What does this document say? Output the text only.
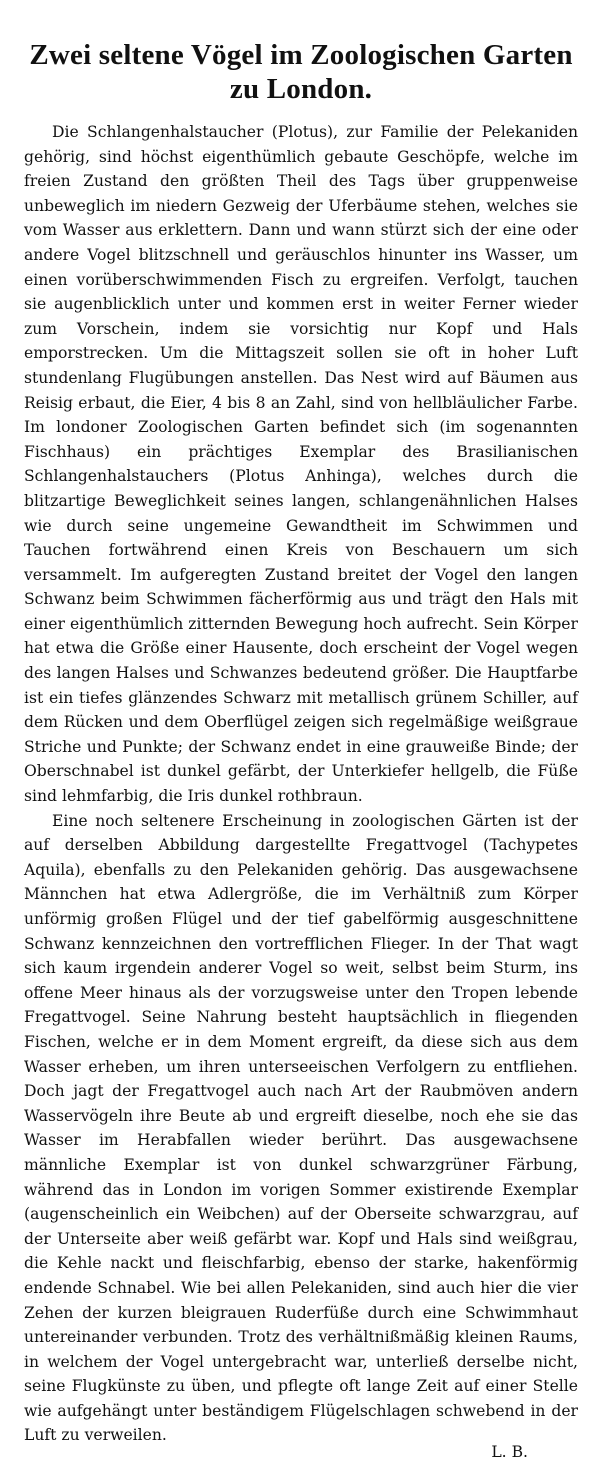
Zwei seltene Vögel im Zoologischen Garten zu London.

Die Schlangenhalstaucher (Plotus), zur Familie der Pelekaniden gehörig, sind höchst eigenthümlich gebaute Geschöpfe, welche im freien Zustand den größten Theil des Tags über gruppenweise unbeweglich im niedern Gezweig der Uferbäume stehen, welches sie vom Wasser aus erklettern. Dann und wann stürzt sich der eine oder andere Vogel blitzschnell und geräuschlos hinunter ins Wasser, um einen vorüberschwimmenden Fisch zu ergreifen. Verfolgt, tauchen sie augenblicklich unter und kommen erst in weiter Ferner wieder zum Vorschein, indem sie vorsichtig nur Kopf und Hals emporstrecken. Um die Mittagszeit sollen sie oft in hoher Luft stundenlang Flugübungen anstellen. Das Nest wird auf Bäumen aus Reisig erbaut, die Eier, 4 bis 8 an Zahl, sind von hellbläulicher Farbe. Im londoner Zoologischen Garten befindet sich (im sogenannten Fischhaus) ein prächtiges Exemplar des Brasilianischen Schlangenhalstauchers (Plotus Anhinga), welches durch die blitzartige Beweglichkeit seines langen, schlangenähnlichen Halses wie durch seine ungemeine Gewandtheit im Schwimmen und Tauchen fortwährend einen Kreis von Beschauern um sich versammelt. Im aufgeregten Zustand breitet der Vogel den langen Schwanz beim Schwimmen fächerförmig aus und trägt den Hals mit einer eigenthümlich zitternden Bewegung hoch aufrecht. Sein Körper hat etwa die Größe einer Hausente, doch erscheint der Vogel wegen des langen Halses und Schwanzes bedeutend größer. Die Hauptfarbe ist ein tiefes glänzendes Schwarz mit metallisch grünem Schiller, auf dem Rücken und dem Oberflügel zeigen sich regelmäßige weißgraue Striche und Punkte; der Schwanz endet in eine grauweiße Binde; der Oberschnabel ist dunkel gefärbt, der Unterkiefer hellgelb, die Füße sind lehmfarbig, die Iris dunkel rothbraun.

Eine noch seltenere Erscheinung in zoologischen Gärten ist der auf derselben Abbildung dargestellte Fregattvogel (Tachypetes Aquila), ebenfalls zu den Pelekaniden gehörig. Das ausgewachsene Männchen hat etwa Adlergröße, die im Verhältniß zum Körper unförmig großen Flügel und der tief gabelförmig ausgeschnittene Schwanz kennzeichnen den vortrefflichen Flieger. In der That wagt sich kaum irgendein anderer Vogel so weit, selbst beim Sturm, ins offene Meer hinaus als der vorzugsweise unter den Tropen lebende Fregattvogel. Seine Nahrung besteht hauptsächlich in fliegenden Fischen, welche er in dem Moment ergreift, da diese sich aus dem Wasser erheben, um ihren unterseeischen Verfolgern zu entfliehen. Doch jagt der Fregattvogel auch nach Art der Raubmöven andern Wasservögeln ihre Beute ab und ergreift dieselbe, noch ehe sie das Wasser im Herabfallen wieder berührt. Das ausgewachsene männliche Exemplar ist von dunkel schwarzgrüner Färbung, während das in London im vorigen Sommer existirende Exemplar (augenscheinlich ein Weibchen) auf der Oberseite schwarzgrau, auf der Unterseite aber weiß gefärbt war. Kopf und Hals sind weißgrau, die Kehle nackt und fleischfarbig, ebenso der starke, hakenförmig endende Schnabel. Wie bei allen Pelekaniden, sind auch hier die vier Zehen der kurzen bleigrauen Ruderfüße durch eine Schwimmhaut untereinander verbunden. Trotz des verhältnißmäßig kleinen Raums, in welchem der Vogel untergebracht war, unterließ derselbe nicht, seine Flugkünste zu üben, und pflegte oft lange Zeit auf einer Stelle wie aufgehängt unter beständigem Flügelschlagen schwebend in der Luft zu verweilen.

L. B.
